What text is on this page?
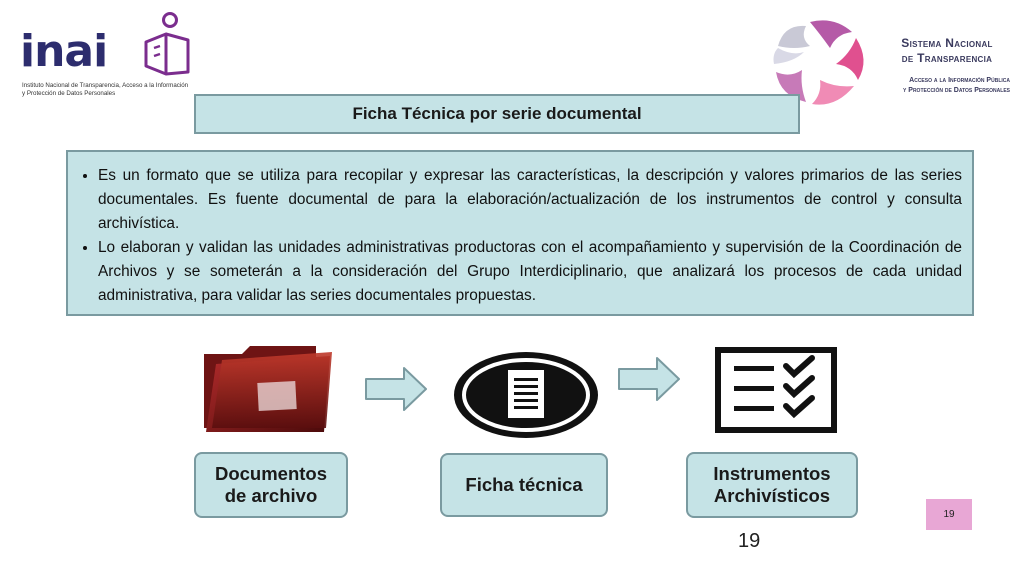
inai
Instituto Nacional de Transparencia, Acceso a la Información y Protección de Datos Personales
Sistema Nacional
de Transparencia
Acceso a la Información Pública
y Protección de Datos Personales
Ficha Técnica por serie documental
• Es un formato que se utiliza para recopilar y expresar las características, la descripción y valores primarios de las series documentales. Es fuente documental de para la elaboración/actualización de los instrumentos de control y consulta archivística.
• Lo elaboran y validan las unidades administrativas productoras con el acompañamiento y supervisión de la Coordinación de Archivos y se someterán a la consideración del Grupo Interdiciplinario, que analizará los procesos de cada unidad administrativa, para validar las series documentales propuestas.
Documentos
de archivo
Ficha técnica
Instrumentos
Archivísticos
19
19
